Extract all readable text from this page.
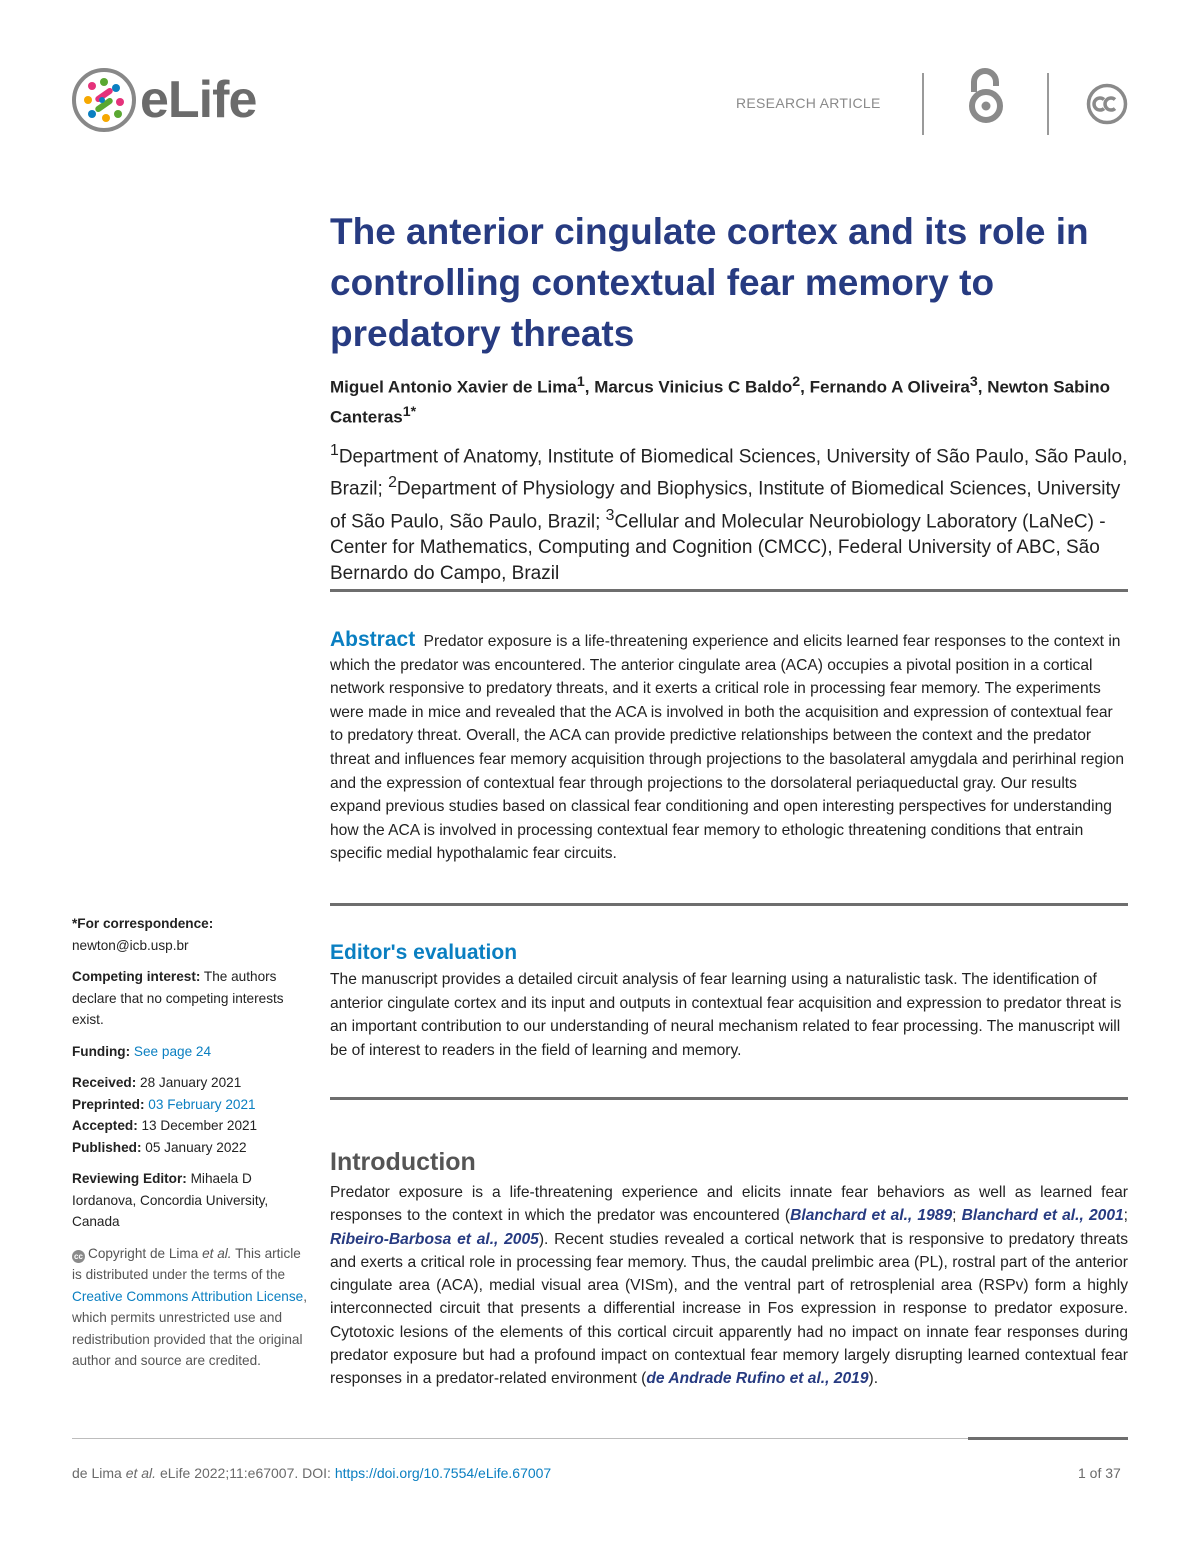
eLife	RESEARCH ARTICLE
The anterior cingulate cortex and its role in controlling contextual fear memory to predatory threats

Miguel Antonio Xavier de Lima$^1$, Marcus Vinicius C Baldo$^2$, Fernando A Oliveira$^3$, Newton Sabino Canteras$^{1*}$

$^1$Department of Anatomy, Institute of Biomedical Sciences, University of São Paulo, São Paulo, Brazil; $^2$Department of Physiology and Biophysics, Institute of Biomedical Sciences, University of São Paulo, São Paulo, Brazil; $^3$Cellular and Molecular Neurobiology Laboratory (LaNeC) - Center for Mathematics, Computing and Cognition (CMCC), Federal University of ABC, São Bernardo do Campo, Brazil

Abstract Predator exposure is a life-threatening experience and elicits learned fear responses to the context in which the predator was encountered. The anterior cingulate area (ACA) occupies a pivotal position in a cortical network responsive to predatory threats, and it exerts a critical role in processing fear memory. The experiments were made in mice and revealed that the ACA is involved in both the acquisition and expression of contextual fear to predatory threat. Overall, the ACA can provide predictive relationships between the context and the predator threat and influences fear memory acquisition through projections to the basolateral amygdala and perirhinal region and the expression of contextual fear through projections to the dorsolateral periaqueductal gray. Our results expand previous studies based on classical fear conditioning and open interesting perspectives for understanding how the ACA is involved in processing contextual fear memory to ethologic threatening conditions that entrain specific medial hypothalamic fear circuits.

Editor's evaluation

The manuscript provides a detailed circuit analysis of fear learning using a naturalistic task. The identification of anterior cingulate cortex and its input and outputs in contextual fear acquisition and expression to predator threat is an important contribution to our understanding of neural mechanism related to fear processing. The manuscript will be of interest to readers in the field of learning and memory.

Introduction

Predator exposure is a life-threatening experience and elicits innate fear behaviors as well as learned fear responses to the context in which the predator was encountered (Blanchard et al., 1989; Blanchard et al., 2001; Ribeiro-Barbosa et al., 2005). Recent studies revealed a cortical network that is responsive to predatory threats and exerts a critical role in processing fear memory. Thus, the caudal prelimbic area (PL), rostral part of the anterior cingulate area (ACA), medial visual area (VISm), and the ventral part of retrosplenial area (RSPv) form a highly interconnected circuit that presents a differential increase in Fos expression in response to predator exposure. Cytotoxic lesions of the elements of this cortical circuit apparently had no impact on innate fear responses during predator exposure but had a profound impact on contextual fear memory largely disrupting learned contextual fear responses in a predator-related environment (de Andrade Rufino et al., 2019).

*For correspondence:
newton@icb.usp.br

Competing interest: The authors declare that no competing interests exist.

Funding: See page 24

Received: 28 January 2021
Preprinted: 03 February 2021
Accepted: 13 December 2021
Published: 05 January 2022

Reviewing Editor: Mihaela D Iordanova, Concordia University, Canada

cc Copyright de Lima et al. This article is distributed under the terms of the Creative Commons Attribution License, which permits unrestricted use and redistribution provided that the original author and source are credited.

de Lima et al. eLife 2022;11:e67007. DOI: https://doi.org/10.7554/eLife.67007	1 of 37
